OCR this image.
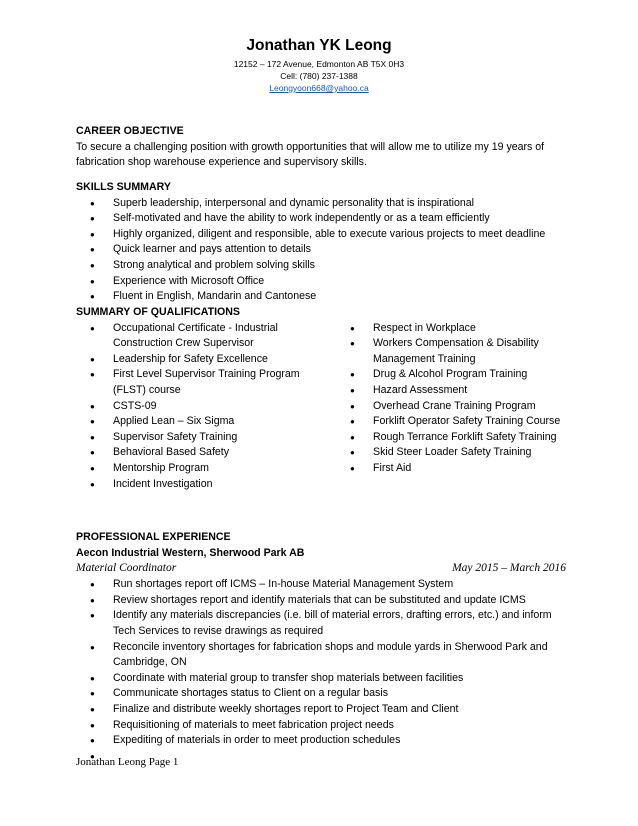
Jonathan YK Leong
12152 – 172 Avenue, Edmonton AB T5X 0H3
Cell: (780) 237-1388
Leongyoon668@yahoo.ca
CAREER OBJECTIVE
To secure a challenging position with growth opportunities that will allow me to utilize my 19 years of fabrication shop warehouse experience and supervisory skills.
SKILLS SUMMARY
● Superb leadership, interpersonal and dynamic personality that is inspirational
● Self-motivated and have the ability to work independently or as a team efficiently
● Highly organized, diligent and responsible, able to execute various projects to meet deadline
● Quick learner and pays attention to details
● Strong analytical and problem solving skills
● Experience with Microsoft Office
● Fluent in English, Mandarin and Cantonese
SUMMARY OF QUALIFICATIONS
● Occupational Certificate - Industrial Construction Crew Supervisor
● Leadership for Safety Excellence
● First Level Supervisor Training Program (FLST) course
● CSTS-09
● Applied Lean – Six Sigma
● Supervisor Safety Training
● Behavioral Based Safety
● Mentorship Program
● Incident Investigation
● Respect in Workplace
● Workers Compensation & Disability Management Training
● Drug & Alcohol Program Training
● Hazard Assessment
● Overhead Crane Training Program
● Forklift Operator Safety Training Course
● Rough Terrance Forklift Safety Training
● Skid Steer Loader Safety Training
● First Aid
PROFESSIONAL EXPERIENCE
Aecon Industrial Western, Sherwood Park AB
Material Coordinator	May 2015 – March 2016
● Run shortages report off ICMS – In-house Material Management System
● Review shortages report and identify materials that can be substituted and update ICMS
● Identify any materials discrepancies (i.e. bill of material errors, drafting errors, etc.) and inform Tech Services to revise drawings as required
● Reconcile inventory shortages for fabrication shops and module yards in Sherwood Park and Cambridge, ON
● Coordinate with material group to transfer shop materials between facilities
● Communicate shortages status to Client on a regular basis
● Finalize and distribute weekly shortages report to Project Team and Client
● Requisitioning of materials to meet fabrication project needs
● Expediting of materials in order to meet production schedules
●
Jonathan Leong Page 1
